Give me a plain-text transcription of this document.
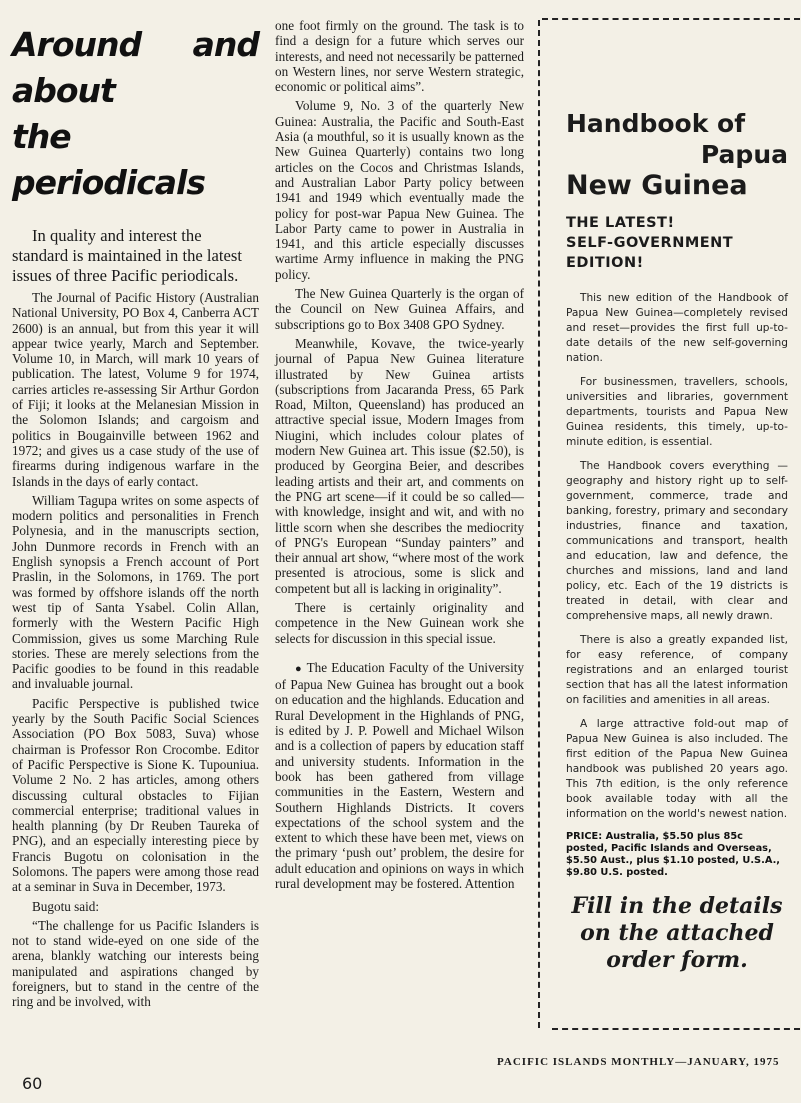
Around and about
the periodicals

In quality and interest the standard is maintained in the latest issues of three Pacific periodicals.

The Journal of Pacific History (Australian National University, PO Box 4, Canberra ACT 2600) is an annual, but from this year it will appear twice yearly, March and September. Volume 10, in March, will mark 10 years of publication. The latest, Volume 9 for 1974, carries articles re-assessing Sir Arthur Gordon of Fiji; it looks at the Melanesian Mission in the Solomon Islands; and cargoism and politics in Bougainville between 1962 and 1972; and gives us a case study of the use of firearms during indigenous warfare in the Islands in the days of early contact.

William Tagupa writes on some aspects of modern politics and personalities in French Polynesia, and in the manuscripts section, John Dunmore records in French with an English synopsis a French account of Port Praslin, in the Solomons, in 1769. The port was formed by offshore islands off the north west tip of Santa Ysabel. Colin Allan, formerly with the Western Pacific High Commission, gives us some Marching Rule stories. These are merely selections from the Pacific goodies to be found in this readable and invaluable journal.

Pacific Perspective is published twice yearly by the South Pacific Social Sciences Association (PO Box 5083, Suva) whose chairman is Professor Ron Crocombe. Editor of Pacific Perspective is Sione K. Tupouniua. Volume 2 No. 2 has articles, among others discussing cultural obstacles to Fijian commercial enterprise; traditional values in health planning (by Dr Reuben Taureka of PNG), and an especially interesting piece by Francis Bugotu on colonisation in the Solomons. The papers were among those read at a seminar in Suva in December, 1973.

Bugotu said:

“The challenge for us Pacific Islanders is not to stand wide-eyed on one side of the arena, blankly watching our interests being manipulated and aspirations changed by foreigners, but to stand in the centre of the ring and be involved, with

one foot firmly on the ground. The task is to find a design for a future which serves our interests, and need not necessarily be patterned on Western lines, nor serve Western strategic, economic or political aims”.

Volume 9, No. 3 of the quarterly New Guinea: Australia, the Pacific and South-East Asia (a mouthful, so it is usually known as the New Guinea Quarterly) contains two long articles on the Cocos and Christmas Islands, and Australian Labor Party policy between 1941 and 1949 which eventually made the policy for post-war Papua New Guinea. The Labor Party came to power in Australia in 1941, and this article especially discusses wartime Army influence in making the PNG policy.

The New Guinea Quarterly is the organ of the Council on New Guinea Affairs, and subscriptions go to Box 3408 GPO Sydney.

Meanwhile, Kovave, the twice-yearly journal of Papua New Guinea literature illustrated by New Guinea artists (subscriptions from Jacaranda Press, 65 Park Road, Milton, Queensland) has produced an attractive special issue, Modern Images from Niugini, which includes colour plates of modern New Guinea art. This issue ($2.50), is produced by Georgina Beier, and describes leading artists and their art, and comments on the PNG art scene—if it could be so called—with knowledge, insight and wit, and with no little scorn when she describes the mediocrity of PNG's European “Sunday painters” and their annual art show, “where most of the work presented is atrocious, some is slick and competent but all is lacking in originality”.

There is certainly originality and competence in the New Guinean work she selects for discussion in this special issue.

● The Education Faculty of the University of Papua New Guinea has brought out a book on education and the highlands. Education and Rural Development in the Highlands of PNG, is edited by J. P. Powell and Michael Wilson and is a collection of papers by education staff and university students. Information in the book has been gathered from village communities in the Eastern, Western and Southern Highlands Districts. It covers expectations of the school system and the extent to which these have been met, views on the primary ‘push out’ problem, the desire for adult education and opinions on ways in which rural development may be fostered. Attention

Handbook of
Papua
New Guinea
THE LATEST!
SELF-GOVERNMENT
EDITION!

This new edition of the Handbook of Papua New Guinea—completely revised and reset—provides the first full up-to-date details of the new self-governing nation.

For businessmen, travellers, schools, universities and libraries, government departments, tourists and Papua New Guinea residents, this timely, up-to-minute edition, is essential.

The Handbook covers everything —geography and history right up to self-government, commerce, trade and banking, forestry, primary and secondary industries, finance and taxation, communications and transport, health and education, law and defence, the churches and missions, land and land policy, etc. Each of the 19 districts is treated in detail, with clear and comprehensive maps, all newly drawn.

There is also a greatly expanded list, for easy reference, of company registrations and an enlarged tourist section that has all the latest information on facilities and amenities in all areas.

A large attractive fold-out map of Papua New Guinea is also included. The first edition of the Papua New Guinea handbook was published 20 years ago. This 7th edition, is the only reference book available today with all the information on the world's newest nation.

PRICE: Australia, $5.50 plus 85c posted, Pacific Islands and Overseas, $5.50 Aust., plus $1.10 posted, U.S.A., $9.80 U.S. posted.
Fill in the details
on the attached
order form.
60
PACIFIC ISLANDS MONTHLY—JANUARY, 1975
